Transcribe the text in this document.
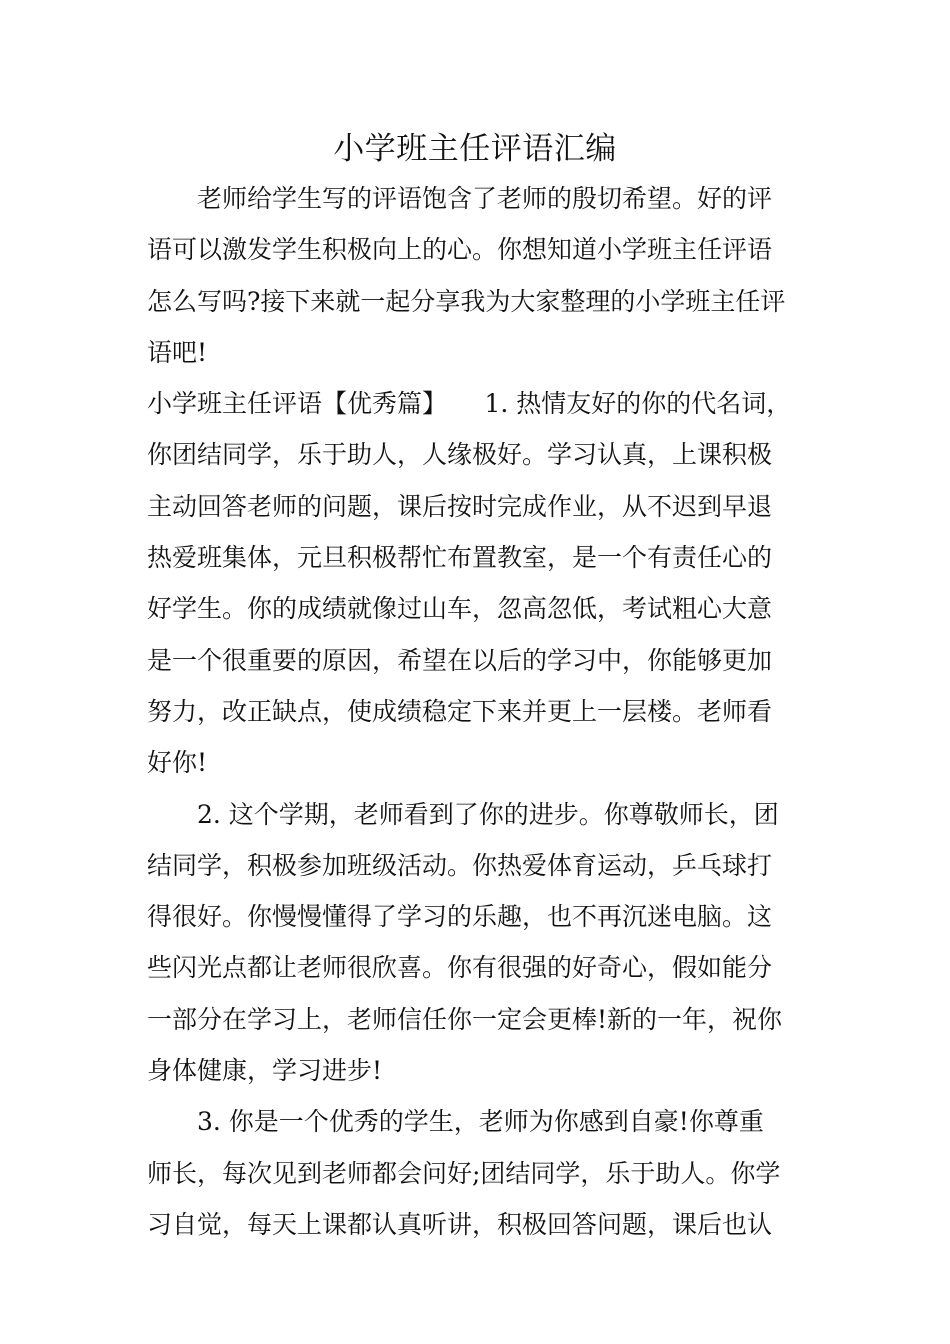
小学班主任评语汇编
老师给学生写的评语饱含了老师的殷切希望。好的评
语可以激发学生积极向上的心。你想知道小学班主任评语
怎么写吗?接下来就一起分享我为大家整理的小学班主任评
语吧!
小学班主任评语【优秀篇】　　1. 热情友好的你的代名词，
你团结同学，乐于助人，人缘极好。学习认真，上课积极
主动回答老师的问题，课后按时完成作业，从不迟到早退
热爱班集体，元旦积极帮忙布置教室，是一个有责任心的
好学生。你的成绩就像过山车，忽高忽低，考试粗心大意
是一个很重要的原因，希望在以后的学习中，你能够更加
努力，改正缺点，使成绩稳定下来并更上一层楼。老师看
好你!
2. 这个学期，老师看到了你的进步。你尊敬师长，团
结同学，积极参加班级活动。你热爱体育运动，乒乓球打
得很好。你慢慢懂得了学习的乐趣，也不再沉迷电脑。这
些闪光点都让老师很欣喜。你有很强的好奇心，假如能分
一部分在学习上，老师信任你一定会更棒!新的一年，祝你
身体健康，学习进步!
3. 你是一个优秀的学生，老师为你感到自豪!你尊重
师长，每次见到老师都会问好;团结同学，乐于助人。你学
习自觉，每天上课都认真听讲，积极回答问题，课后也认
